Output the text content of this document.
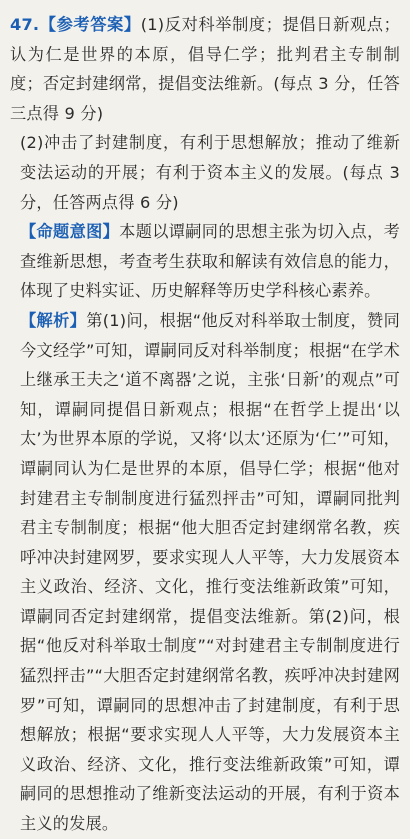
47.【参考答案】(1)反对科举制度；提倡日新观点；认为仁是世界的本原，倡导仁学；批判君主专制制度；否定封建纲常，提倡变法维新。(每点 3 分，任答三点得 9 分)

(2)冲击了封建制度，有利于思想解放；推动了维新变法运动的开展；有利于资本主义的发展。(每点 3 分，任答两点得 6 分)

【命题意图】本题以谭嗣同的思想主张为切入点，考查维新思想，考查考生获取和解读有效信息的能力，体现了史料实证、历史解释等历史学科核心素养。

【解析】第(1)问，根据“他反对科举取士制度，赞同今文经学”可知，谭嗣同反对科举制度；根据“在学术上继承王夫之‘道不离器’之说，主张‘日新’的观点”可知，谭嗣同提倡日新观点；根据“在哲学上提出‘以太’为世界本原的学说，又将‘以太’还原为‘仁’”可知，谭嗣同认为仁是世界的本原，倡导仁学；根据“他对封建君主专制制度进行猛烈抨击”可知，谭嗣同批判君主专制制度；根据“他大胆否定封建纲常名教，疾呼冲决封建网罗，要求实现人人平等，大力发展资本主义政治、经济、文化，推行变法维新政策”可知，谭嗣同否定封建纲常，提倡变法维新。第(2)问，根据“他反对科举取士制度”“对封建君主专制制度进行猛烈抨击”“大胆否定封建纲常名教，疾呼冲决封建网罗”可知，谭嗣同的思想冲击了封建制度，有利于思想解放；根据“要求实现人人平等，大力发展资本主义政治、经济、文化，推行变法维新政策”可知，谭嗣同的思想推动了维新变法运动的开展，有利于资本主义的发展。
